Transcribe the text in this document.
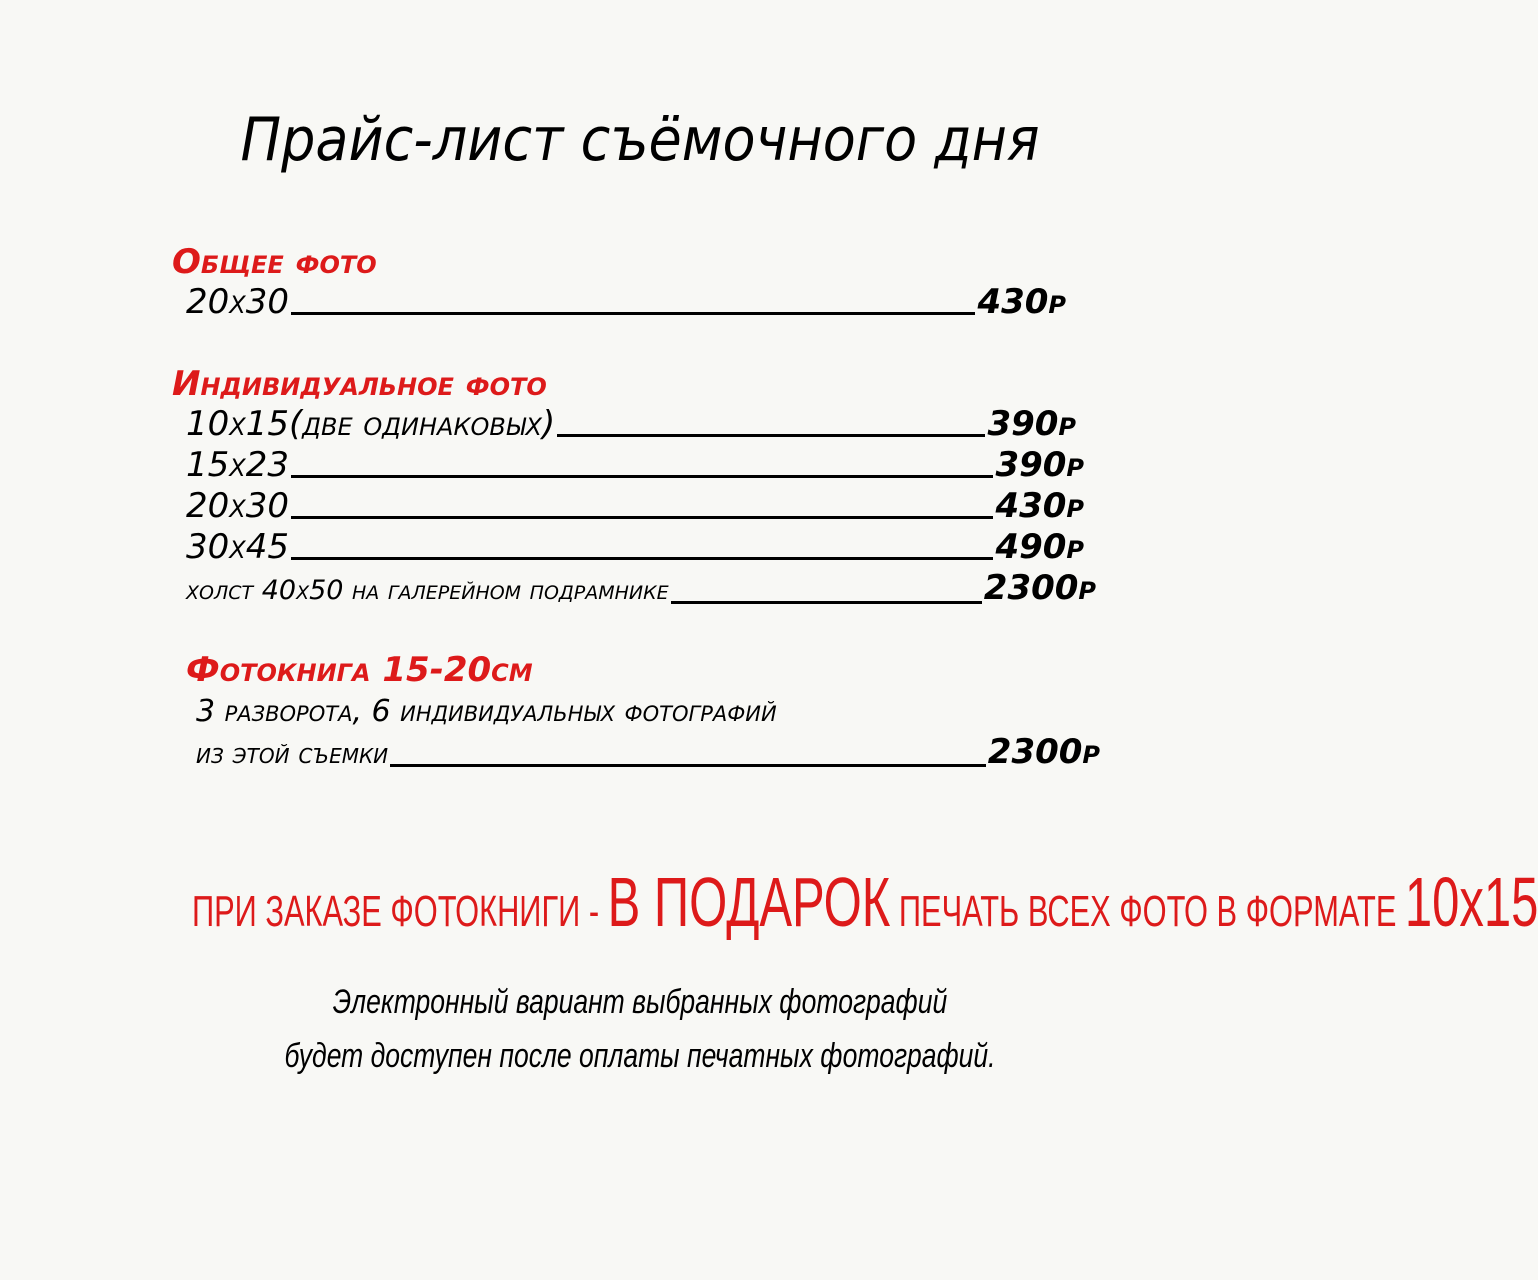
Прайс-лист съёмочного дня
Общее фото
20х30	430р
Индивидуальное фото
10х15(две одинаковых)	390р
15х23	390р
20х30	430р
30х45	490р
холст 40х50 на галерейном подрамнике	2300р
Фотокнига 15-20см
3 разворота, 6 индивидуальных фотографий
из этой съемки	2300р
ПРИ ЗАКАЗЕ ФОТОКНИГИ - В ПОДАРОК ПЕЧАТЬ ВСЕХ ФОТО В ФОРМАТЕ 10х15
Электронный вариант выбранных фотографий
будет доступен после оплаты печатных фотографий.
